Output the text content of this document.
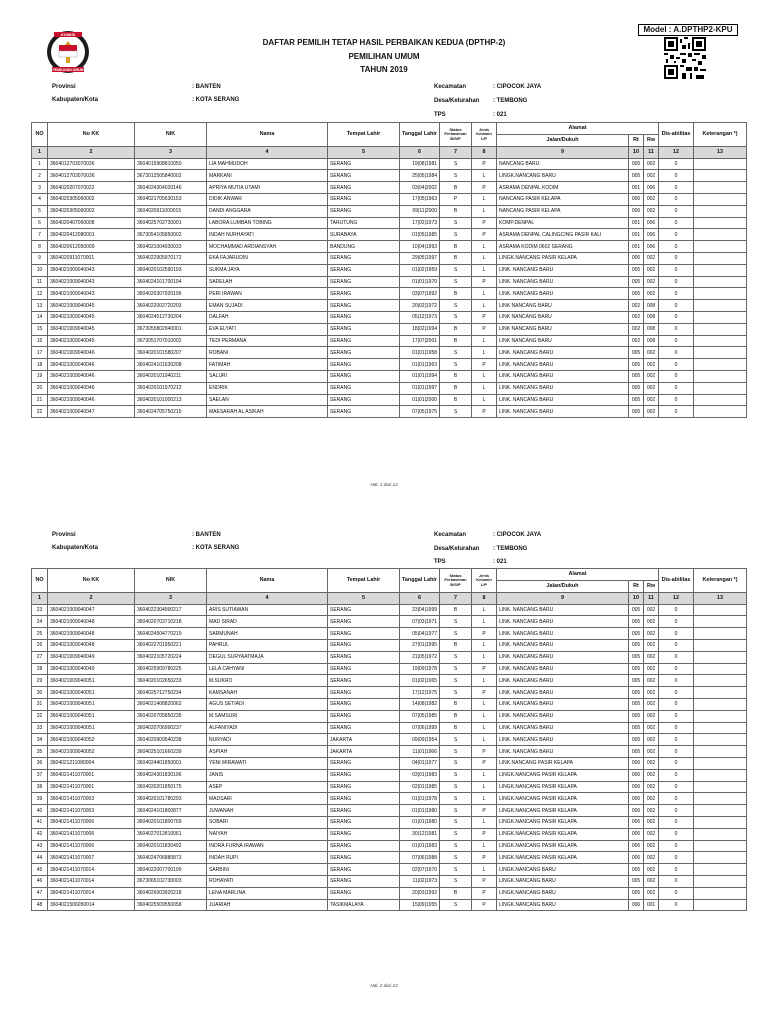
Model : A.DPTHP2-KPU
KOMISI
PEMILIHAN UMUM
DAFTAR PEMILIH TETAP HASIL PERBAIKAN KEDUA (DPTHP-2)
PEMILIHAN UMUM
TAHUN 2019
Provinsi	: BANTEN
Kabupaten/Kota	: KOTA SERANG
Kecamatan	: CIPOCOK JAYA
Desa/Kelurahan : TEMBONG
TPS	: 021
NO	No KK	NIK	Nama	Tempat Lahir	Tanggal Lahir	Status Perkawinan B/S/P	Jenis Kelamin L/P	Alamat			Dis-abilitas	Keterangan *)
								Jalan/Dukuh	Rt	Rw		
1	2	3	4	5	6	7	8	9	10	11	12	13
1	3604012703070036	3604015908810050	LIA MAHMUDOH	SERANG	19|08|1981	S	P	NANCANG BARU	005	002	0	
2	3604012703070036	3673012505840002	MARKANI	SERANG	25|05|1984	S	L	LINGK.NANCANG BARU	005	002	0	
3	3604020207070022	3604024304020146	APRIYA MUTIA UTAMI	SERANG	03|04|2002	B	P	ASRAMA DENPAL KODIM	001	006	0	
4	3604020305060002	3604021705630153	DIDIK ANWAR	SERANG	17|05|1963	P	L	NANCANG PASIR KELAPA	006	002	0	
5	3604020305060002	3604020911000015	DANDI ANGGARA	SERANG	09|11|2000	B	L	NANCANG PASIR KELAPA	006	002	0	
6	3604020407060008	3604025702730001	LABORA LUMBAN TOBING	TARUTUNG	17|02|1973	S	P	KOMP.DENPAL	001	006	0	
7	3604020412080001	3673054105850002	INDAH NURHAYATI	SURABAYA	01|05|1985	S	P	ASRAMA DENPAL CALINGCING PASIR KALI	001	006	0	
8	3604020612050009	3604021004930033	MOCHAMMAD ARDIANSYAH	BANDUNG	10|04|1993	B	L	ASRAMA KODIM 0602 SERANG	001	006	0	
9	3604020911070001	3604022905970172	EKA FAJARUDIN	SERANG	29|05|1997	B	L	LINGK.NANCANG PASIR KELAPA	006	002	0	
10	3604021009040043	3604020102590193	SUKMA JAYA	SERANG	01|02|1959	S	L	LINK. NANCANG BARU	005	002	0	
11	3604021009040043	3604024101700194	SADELAH	SERANG	01|01|1970	S	P	LINK. NANCANG BARU	005	002	0	
12	3604021009040043	3604020307920196	PERI IRAWAN	SERANG	03|07|1992	B	L	LINK. NANCANG BARU	005	002	0	
13	3604021009040045	3604022002720203	EMAN SUJADI	SERANG	20|02|1972	S	L	LINK NANCANG BARU	002	008	0	
14	3604021009040045	3604024512730204	DALFAH	SERANG	05|12|1973	S	P	LINK NANCANG BARU	002	008	0	
15	3604021009040045	3673055802940001	EVA ELYATI	SERANG	18|02|1994	B	P	LINK NANCANG BARU	002	008	0	
16	3604021009040045	3673051707010002	TEDI PERMANA	SERANG	17|07|2001	B	L	LINK NANCANG BARU	002	008	0	
17	3604021009040046	3604020101580207	ROBANI	SERANG	01|01|1958	S	L	LINK. NANCANG BARU	005	002	0	
18	3604021009040046	3604024101630208	FATIMAH	SERANG	01|01|1963	S	P	LINK. NANCANG BARU	005	002	0	
19	3604021009040046	3604020101940211	SALURI	SERANG	01|01|1994	B	L	LINK. NANCANG BARU	005	002	0	
20	3604021009040046	3604020101970212	ENDRIK	SERANG	01|01|1997	B	L	LINK. NANCANG BARU	005	002	0	
21	3604021009040046	3604020101000213	SAELAN	SERANG	01|01|2000	B	L	LINK. NANCANG BARU	005	002	0	
22	3604021009040047	3604024705750215	MAESARAH AL ASIKAH	SERANG	07|05|1975	S	P	LINK. NANCANG BARU	005	002	0	
Hal. 1 dari 12
Provinsi	: BANTEN
Kabupaten/Kota	: KOTA SERANG
Kecamatan	: CIPOCOK JAYA
Desa/Kelurahan : TEMBONG
TPS	: 021
NO	No KK	NIK	Nama	Tempat Lahir	Tanggal Lahir	Status Perkawinan B/S/P	Jenis Kelamin L/P	Alamat			Dis-abilitas	Keterangan *)
								Jalan/Dukuh	Rt	Rw		
1	2	3	4	5	6	7	8	9	10	11	12	13
23	3604021009040047	3604022304990217	ARIS SUTIAWAN	SERANG	23|04|1999	B	L	LINK. NANCANG BARU	005	002	0	
24	3604021009040048	3604020703710218	MAD SIRAD	SERANG	07|03|1971	S	L	LINK. NANCANG BARU	005	002	0	
25	3604021009040048	3604024504770219	SARMUNAH	SERANG	05|04|1977	S	P	LINK. NANCANG BARU	005	002	0	
26	3604021009040048	3604022701950221	PAHRUL	SERANG	27|01|1995	B	L	LINK. NANCANG BARU	005	002	0	
27	3604021009040049	3604022105720224	DEGUL SURYAATMAJA	SERANG	21|05|1972	S	L	LINK. NANCANG BARU	005	002	0	
28	3604021009040049	3604025909780225	LELA CAHYANI	SERANG	19|09|1978	S	P	LINK. NANCANG BARU	005	002	0	
29	3604021009040051	3604020102650233	M.SUKRO	SERANG	01|02|1965	S	L	LINK. NANCANG BARU	005	002	0	
30	3604021009040051	3604025712750234	KAMSANAH	SERANG	17|12|1975	S	P	LINK. NANCANG BARU	005	002	0	
31	3604021009040051	3604021408820062	AGUS SETIADI	SERANG	14|08|1982	B	L	LINK. NANCANG BARU	005	002	0	
32	3604021009040051	3604020705850235	M.SAMSURI	SERANG	07|05|1985	B	L	LINK. NANCANG BARU	005	002	0	
33	3604021009040051	3604020706990237	ALFANIYADI	SERANG	07|06|1999	B	L	LINK. NANCANG BARU	005	002	0	
34	3604021009040052	3604020909540238	NURYADI	JAKARTA	09|09|1954	S	L	LINK. NANCANG BARU	005	002	0	
35	3604021009040052	3604025101660239	ASPIAH	JAKARTA	11|01|1966	S	P	LINK. NANCANG BARU	005	002	0	
36	3604021211080004	3604024401850001	YENI MIRAWATI	SERANG	04|01|1977	S	P	LINK.NANCANG PASIR KELAPA	006	002	0	
37	3604021411070001	3604024301830196	JANIS	SERANG	03|01|1983	S	L	LINGK.NANCANG PASIR KELAPA	006	002	0	
38	3604021411070001	3604020201850175	ASEP	SERANG	02|01|1985	S	L	LINGK.NANCANG PASIR KELAPA	006	002	0	
39	3604021411070003	3604020101780293	MADSARI	SERANG	01|01|1978	S	L	LINGK.NANCANG PASIR KELAPA	006	002	0	
40	3604021411070003	3604024101800877	JUWANAH	SERANG	01|01|1980	S	P	LINGK.NANCANG PASIR KELAPA	006	002	0	
41	3604021411070006	3604020101800769	SOBARI	SERANG	01|01|1980	S	L	LINGK.NANCANG PASIR KELAPA	006	002	0	
42	3604021411070006	3604027012810061	NAIYAH	SERANG	30|12|1981	S	P	LINGK.NANCANG PASIR KELAPA	006	002	0	
43	3604021411070006	3604020101830492	INDRA FURNA IRAWAN	SERANG	01|01|1983	S	L	LINGK.NANCANG PASIR KELAPA	006	002	0	
44	3604021411070007	3604024706880873	INDAH RUPI	SERANG	07|06|1988	S	P	LINGK.NANCANG PASIR KELAPA	006	002	0	
45	3604021411070014	3604022007700199	SARBINI	SERANG	02|07|1970	S	L	LINGK.NANCANG BARU	005	002	0	
46	3604021411070014	3673065102730003	ROHAYATI	SERANG	11|02|1973	S	P	LINGK.NANCANG BARU	005	002	0	
47	3604021411070014	3604026003920218	LENA MARLINA	SERANG	20|03|1992	B	P	LINGK.NANCANG BARU	005	002	0	
48	3604021506050014	3604025509550058	JUARIAH	TASIKMALAYA	15|09|1955	S	P	LINGK.NANCANG BARU	006	001	0	
Hal. 2 dari 12
